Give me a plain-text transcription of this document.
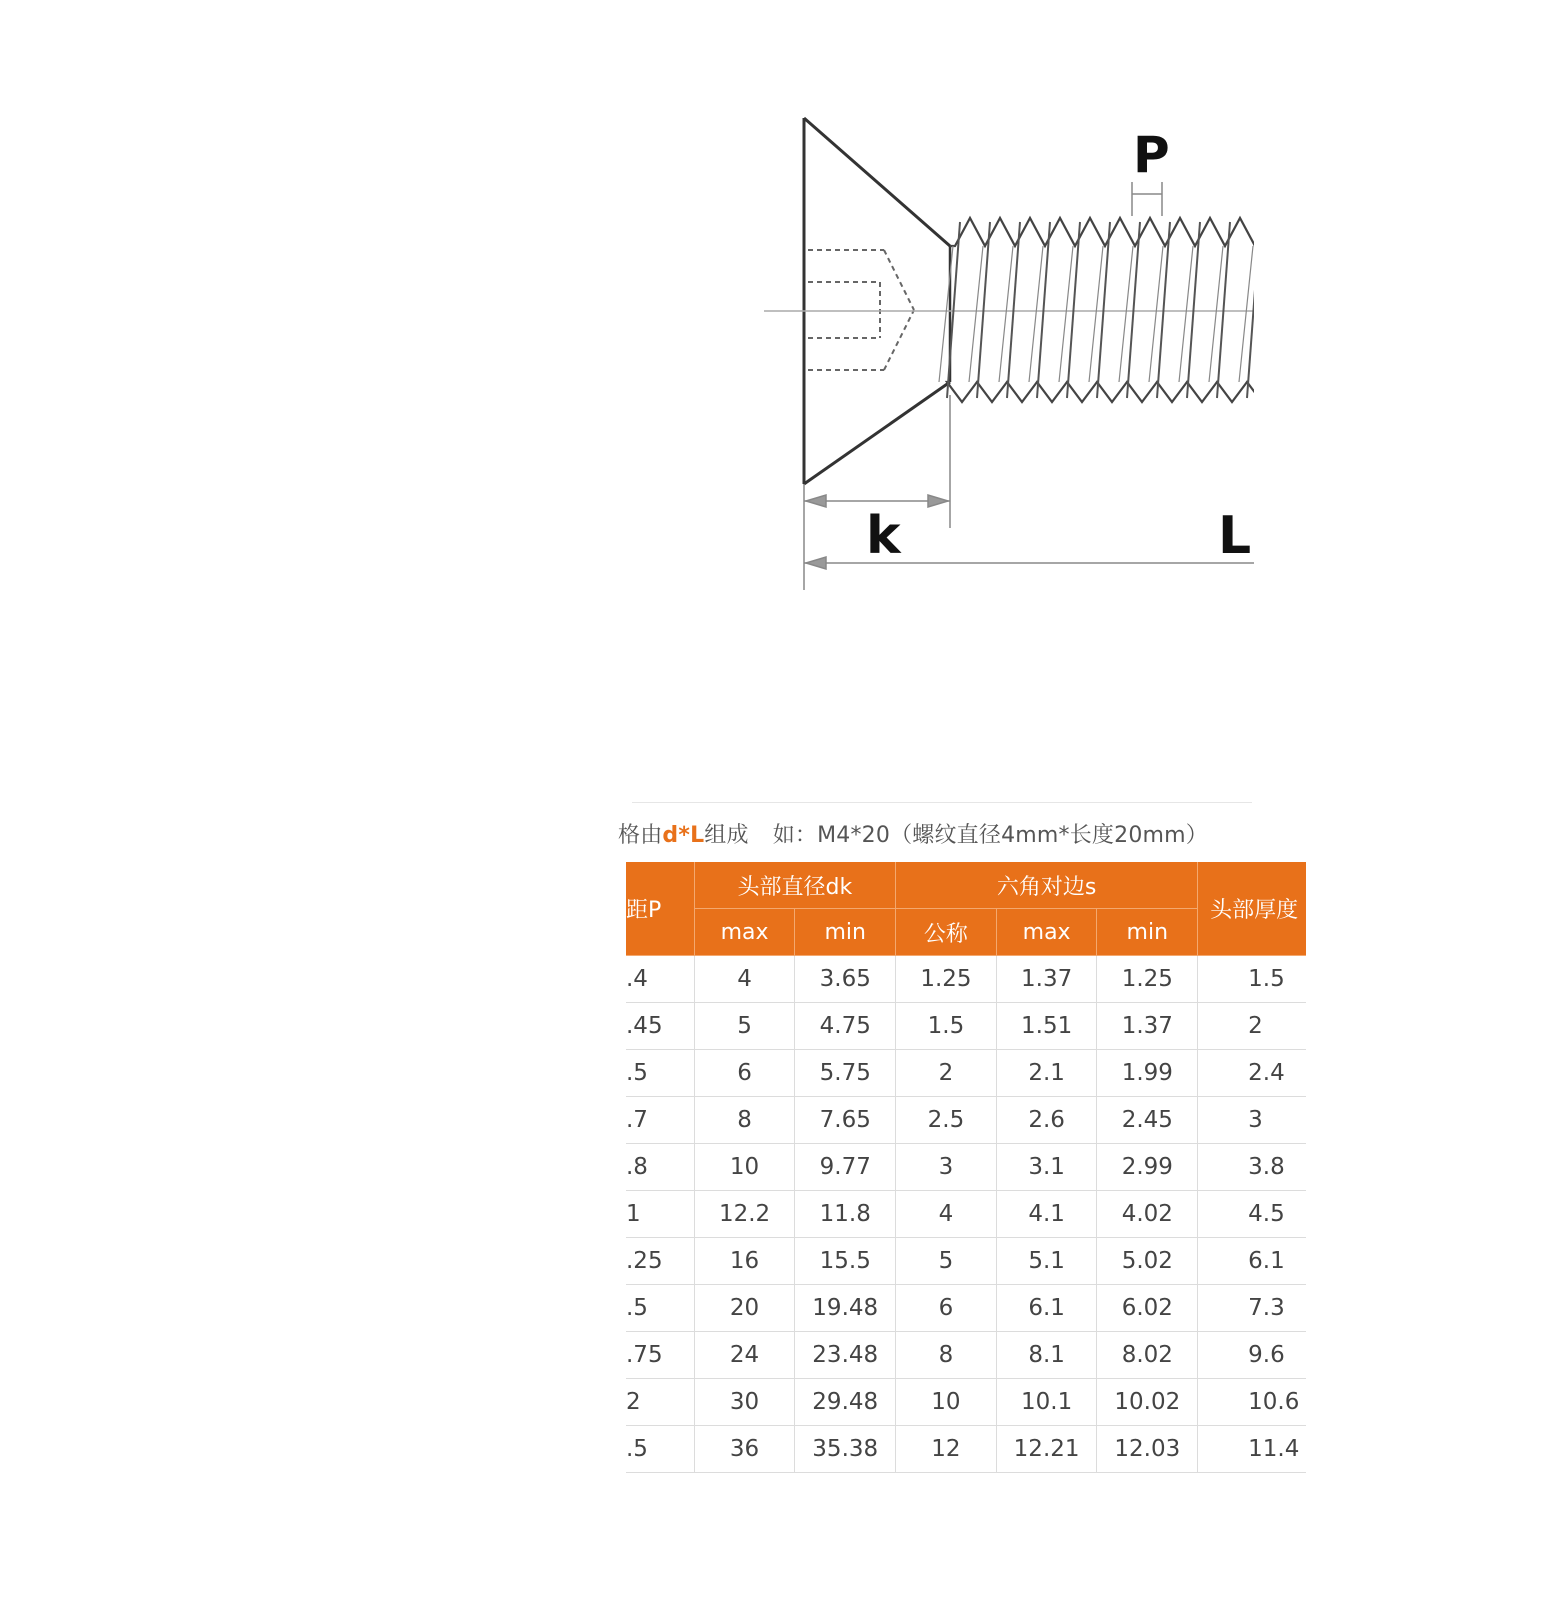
P
k	L
格由d*L组成 如：M4*20（螺纹直径4mm*长度20mm）
距P	头部直径dk		六角对边s			头部厚度
	max	min	公称	max	min	
.4	4	3.65	1.25	1.37	1.25	1.5
.45	5	4.75	1.5	1.51	1.37	2
.5	6	5.75	2	2.1	1.99	2.4
.7	8	7.65	2.5	2.6	2.45	3
.8	10	9.77	3	3.1	2.99	3.8
1	12.2	11.8	4	4.1	4.02	4.5
.25	16	15.5	5	5.1	5.02	6.1
.5	20	19.48	6	6.1	6.02	7.3
.75	24	23.48	8	8.1	8.02	9.6
2	30	29.48	10	10.1	10.02	10.6
.5	36	35.38	12	12.21	12.03	11.4
